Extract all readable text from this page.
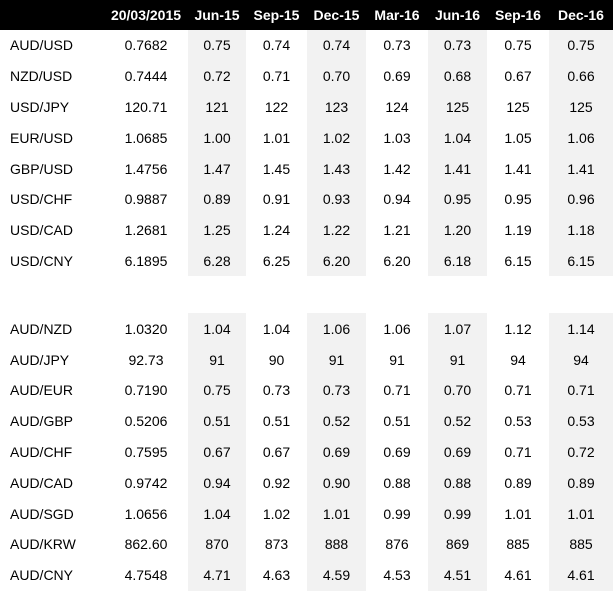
	20/03/2015	Jun-15	Sep-15	Dec-15	Mar-16	Jun-16	Sep-16	Dec-16
AUD/USD	0.7682	0.75	0.74	0.74	0.73	0.73	0.75	0.75
NZD/USD	0.7444	0.72	0.71	0.70	0.69	0.68	0.67	0.66
USD/JPY	120.71	121	122	123	124	125	125	125
EUR/USD	1.0685	1.00	1.01	1.02	1.03	1.04	1.05	1.06
GBP/USD	1.4756	1.47	1.45	1.43	1.42	1.41	1.41	1.41
USD/CHF	0.9887	0.89	0.91	0.93	0.94	0.95	0.95	0.96
USD/CAD	1.2681	1.25	1.24	1.22	1.21	1.20	1.19	1.18
USD/CNY	6.1895	6.28	6.25	6.20	6.20	6.18	6.15	6.15

AUD/NZD	1.0320	1.04	1.04	1.06	1.06	1.07	1.12	1.14
AUD/JPY	92.73	91	90	91	91	91	94	94
AUD/EUR	0.7190	0.75	0.73	0.73	0.71	0.70	0.71	0.71
AUD/GBP	0.5206	0.51	0.51	0.52	0.51	0.52	0.53	0.53
AUD/CHF	0.7595	0.67	0.67	0.69	0.69	0.69	0.71	0.72
AUD/CAD	0.9742	0.94	0.92	0.90	0.88	0.88	0.89	0.89
AUD/SGD	1.0656	1.04	1.02	1.01	0.99	0.99	1.01	1.01
AUD/KRW	862.60	870	873	888	876	869	885	885
AUD/CNY	4.7548	4.71	4.63	4.59	4.53	4.51	4.61	4.61
